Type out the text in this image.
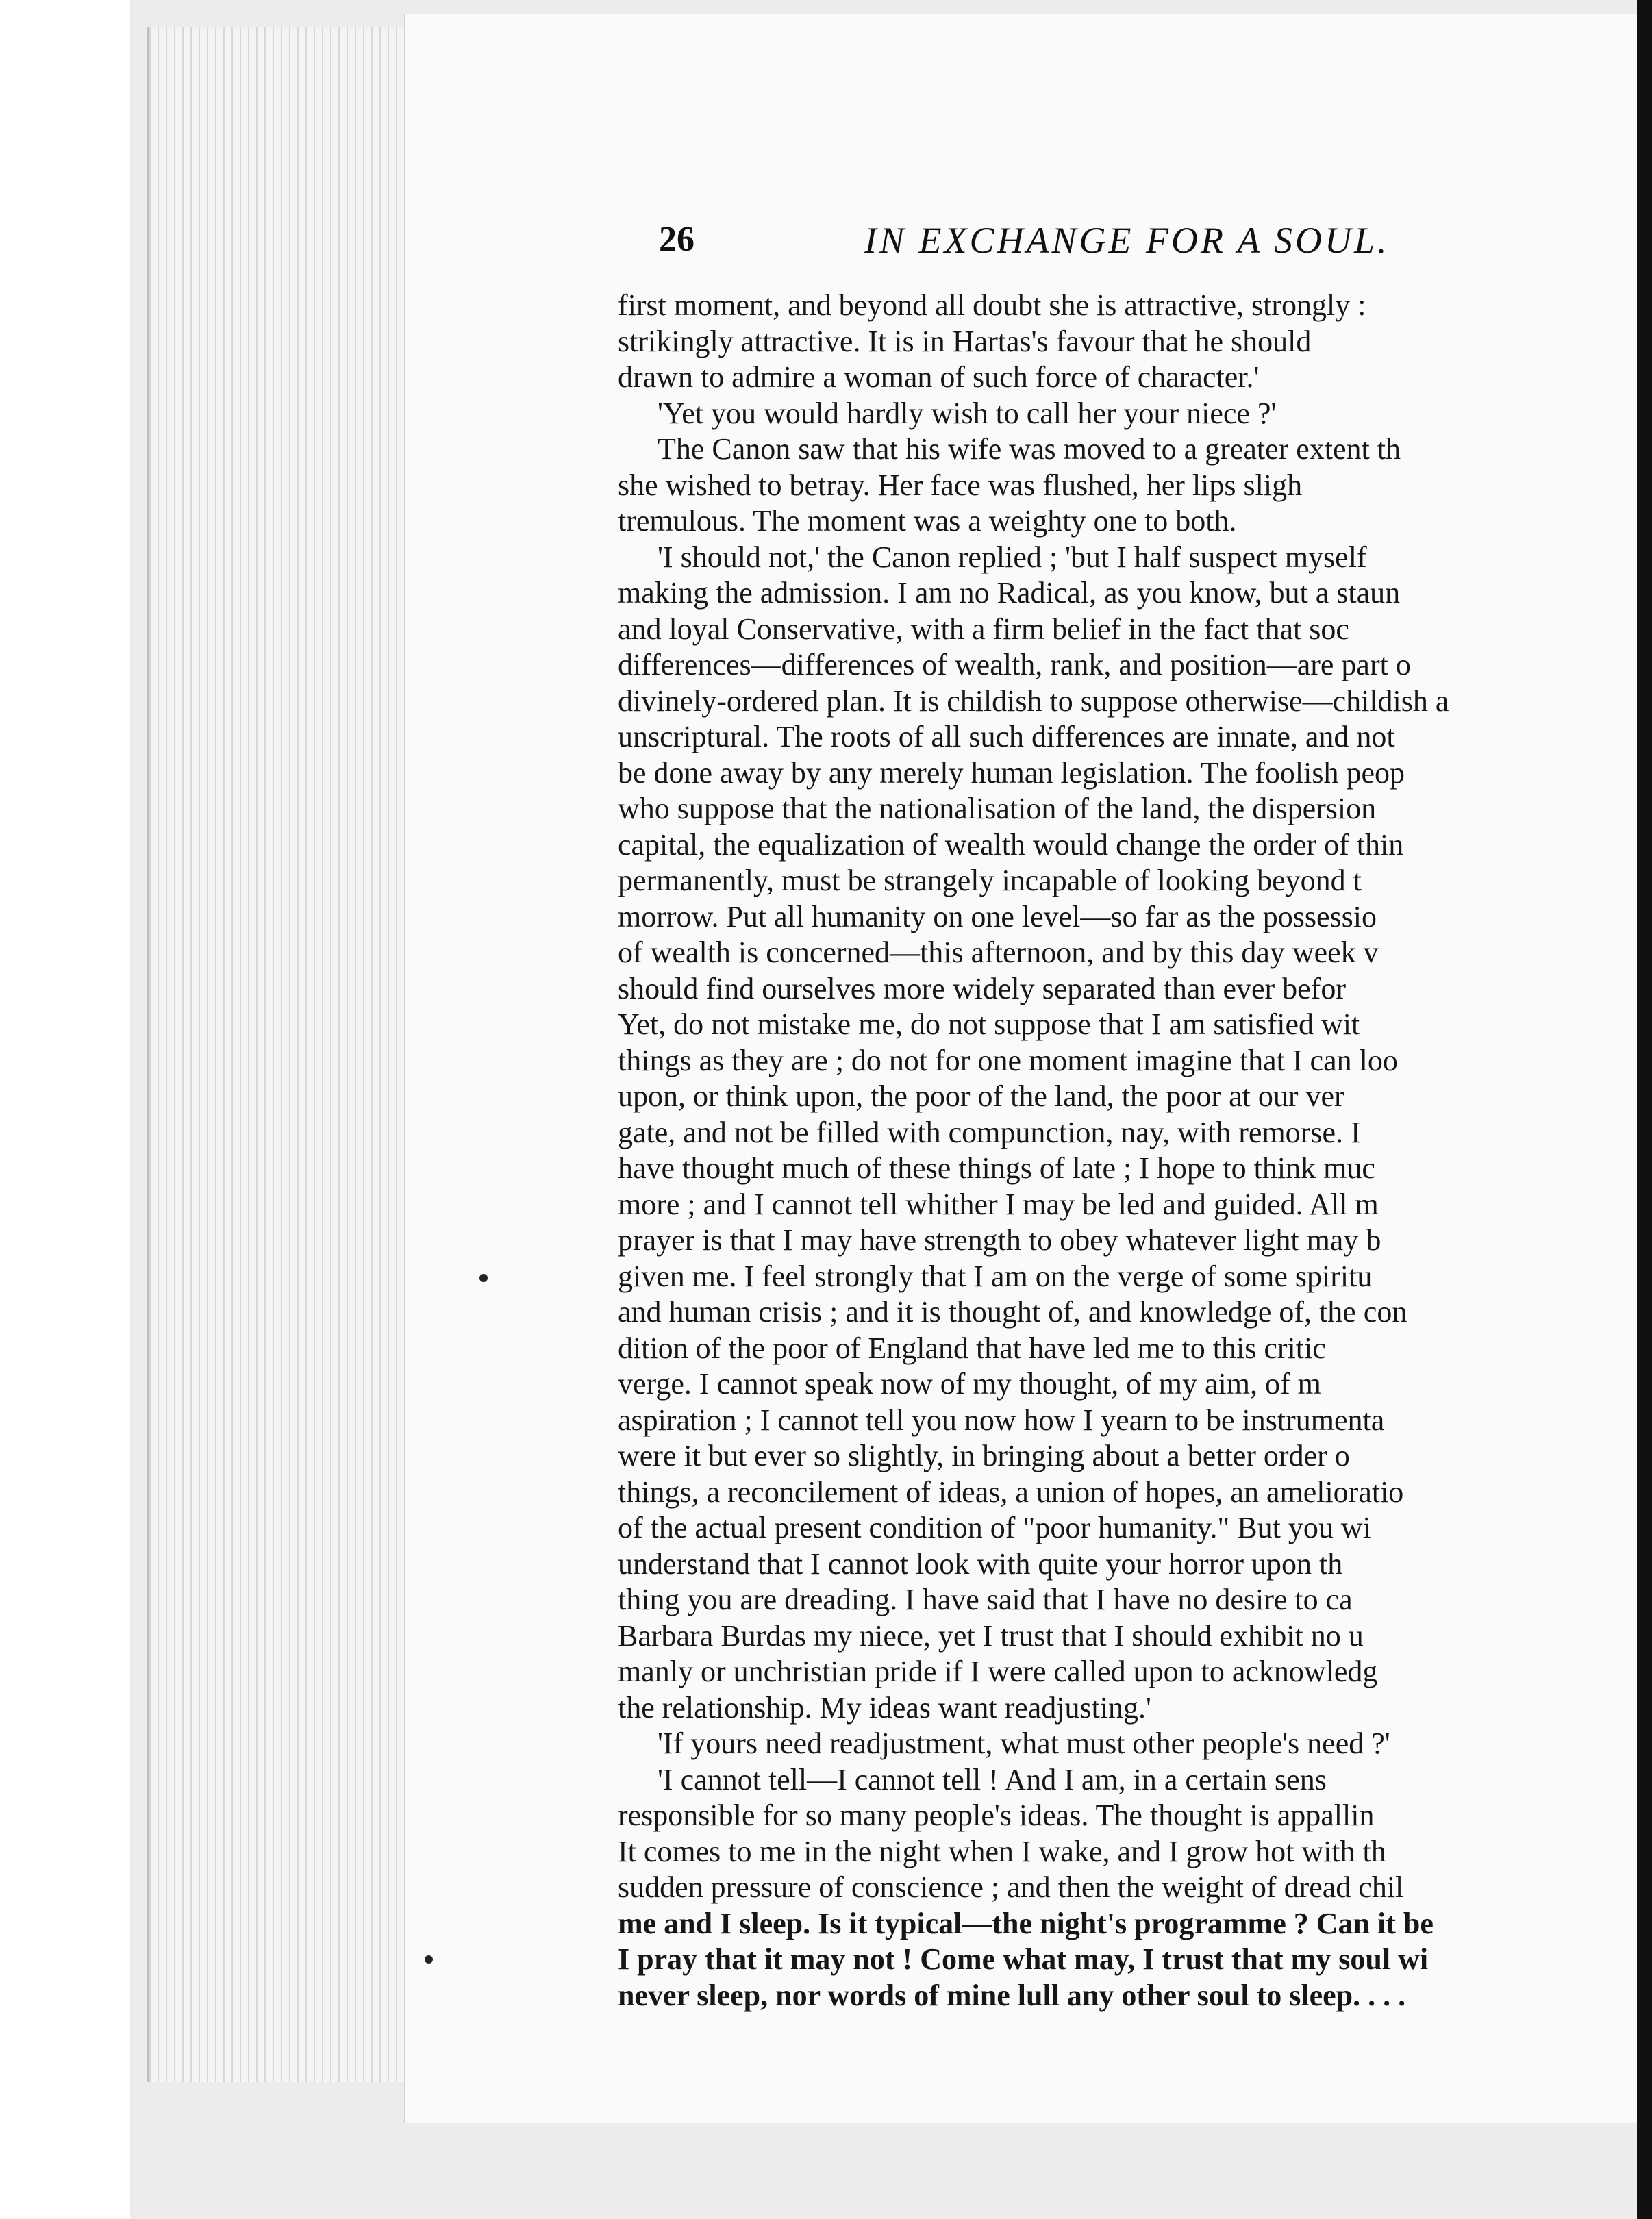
26	IN EXCHANGE FOR A SOUL.
first moment, and beyond all doubt she is attractive, strongly :
strikingly attractive. It is in Hartas's favour that he should
drawn to admire a woman of such force of character.'
'Yet you would hardly wish to call her your niece ?'
The Canon saw that his wife was moved to a greater extent th
she wished to betray. Her face was flushed, her lips sligh
tremulous. The moment was a weighty one to both.
'I should not,' the Canon replied ; 'but I half suspect myself
making the admission. I am no Radical, as you know, but a staun
and loyal Conservative, with a firm belief in the fact that soc
differences—differences of wealth, rank, and position—are part o
divinely-ordered plan. It is childish to suppose otherwise—childish a
unscriptural. The roots of all such differences are innate, and not
be done away by any merely human legislation. The foolish peop
who suppose that the nationalisation of the land, the dispersion
capital, the equalization of wealth would change the order of thin
permanently, must be strangely incapable of looking beyond t
morrow. Put all humanity on one level—so far as the possessio
of wealth is concerned—this afternoon, and by this day week v
should find ourselves more widely separated than ever befor
Yet, do not mistake me, do not suppose that I am satisfied wit
things as they are ; do not for one moment imagine that I can loo
upon, or think upon, the poor of the land, the poor at our ver
gate, and not be filled with compunction, nay, with remorse. I
have thought much of these things of late ; I hope to think muc
more ; and I cannot tell whither I may be led and guided. All m
prayer is that I may have strength to obey whatever light may b
given me. I feel strongly that I am on the verge of some spiritu
and human crisis ; and it is thought of, and knowledge of, the con
dition of the poor of England that have led me to this critic
verge. I cannot speak now of my thought, of my aim, of m
aspiration ; I cannot tell you now how I yearn to be instrumenta
were it but ever so slightly, in bringing about a better order o
things, a reconcilement of ideas, a union of hopes, an amelioratio
of the actual present condition of "poor humanity." But you wi
understand that I cannot look with quite your horror upon th
thing you are dreading. I have said that I have no desire to ca
Barbara Burdas my niece, yet I trust that I should exhibit no u
manly or unchristian pride if I were called upon to acknowledg
the relationship. My ideas want readjusting.'
'If yours need readjustment, what must other people's need ?'
'I cannot tell—I cannot tell ! And I am, in a certain sens
responsible for so many people's ideas. The thought is appallin
It comes to me in the night when I wake, and I grow hot with th
sudden pressure of conscience ; and then the weight of dread chil
me and I sleep. Is it typical—the night's programme ? Can it be
I pray that it may not ! Come what may, I trust that my soul wi
never sleep, nor words of mine lull any other soul to sleep. . . .
